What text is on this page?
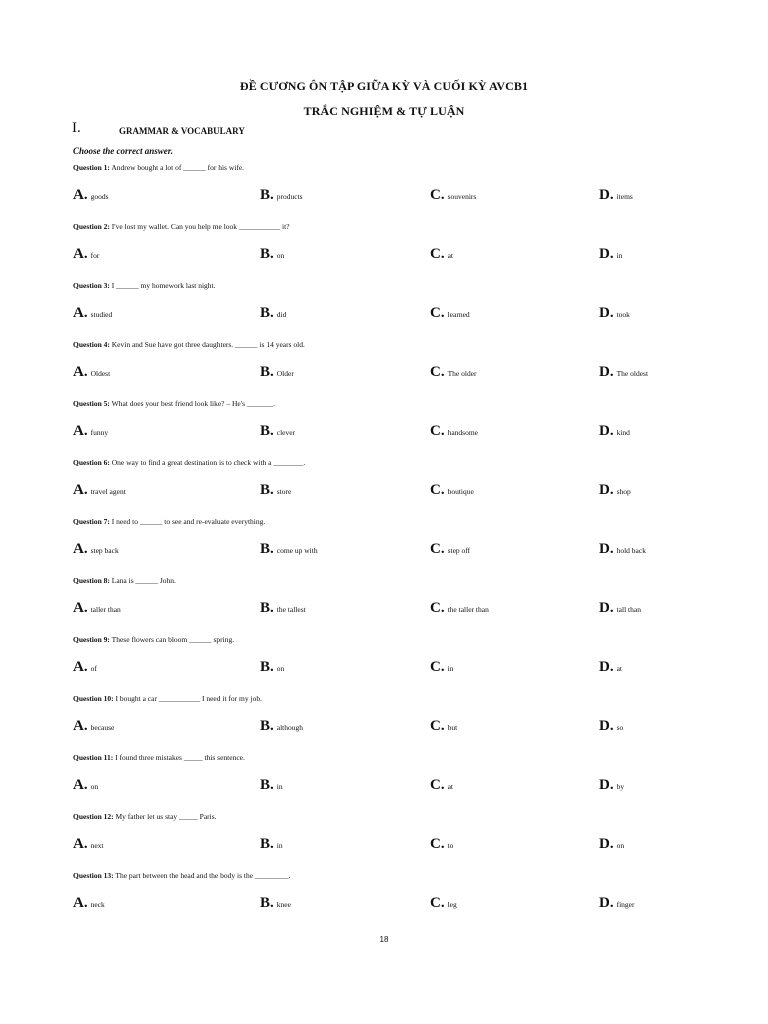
ĐỀ CƯƠNG ÔN TẬP GIỮA KỲ VÀ CUỐI KỲ AVCB1
TRẮC NGHIỆM & TỰ LUẬN
I.	GRAMMAR & VOCABULARY
Choose the correct answer.
Question 1: Andrew bought a lot of ______ for his wife.
A. goods	B. products	C. souvenirs	D. items
Question 2: I've lost my wallet. Can you help me look ___________ it?
A. for	B. on	C. at	D. in
Question 3: I ______ my homework last night.
A. studied	B. did	C. learned	D. took
Question 4: Kevin and Sue have got three daughters. ______ is 14 years old.
A. Oldest	B. Older	C. The older	D. The oldest
Question 5: What does your best friend look like? – He's _______.
A. funny	B. clever	C. handsome	D. kind
Question 6: One way to find a great destination is to check with a ________.
A. travel agent	B. store	C. boutique	D. shop
Question 7: I need to ______ to see and re-evaluate everything.
A. step back	B. come up with	C. step off	D. hold back
Question 8: Lana is ______ John.
A. taller than	B. the tallest	C. the taller than	D. tall than
Question 9: These flowers can bloom ______ spring.
A. of	B. on	C. in	D. at
Question 10: I bought a car ___________ I need it for my job.
A. because	B. although	C. but	D. so
Question 11: I found three mistakes _____ this sentence.
A. on	B. in	C. at	D. by
Question 12: My father let us stay _____ Paris.
A. next	B. in	C. to	D. on
Question 13: The part between the head and the body is the _________.
A. neck	B. knee	C. leg	D. finger
18
